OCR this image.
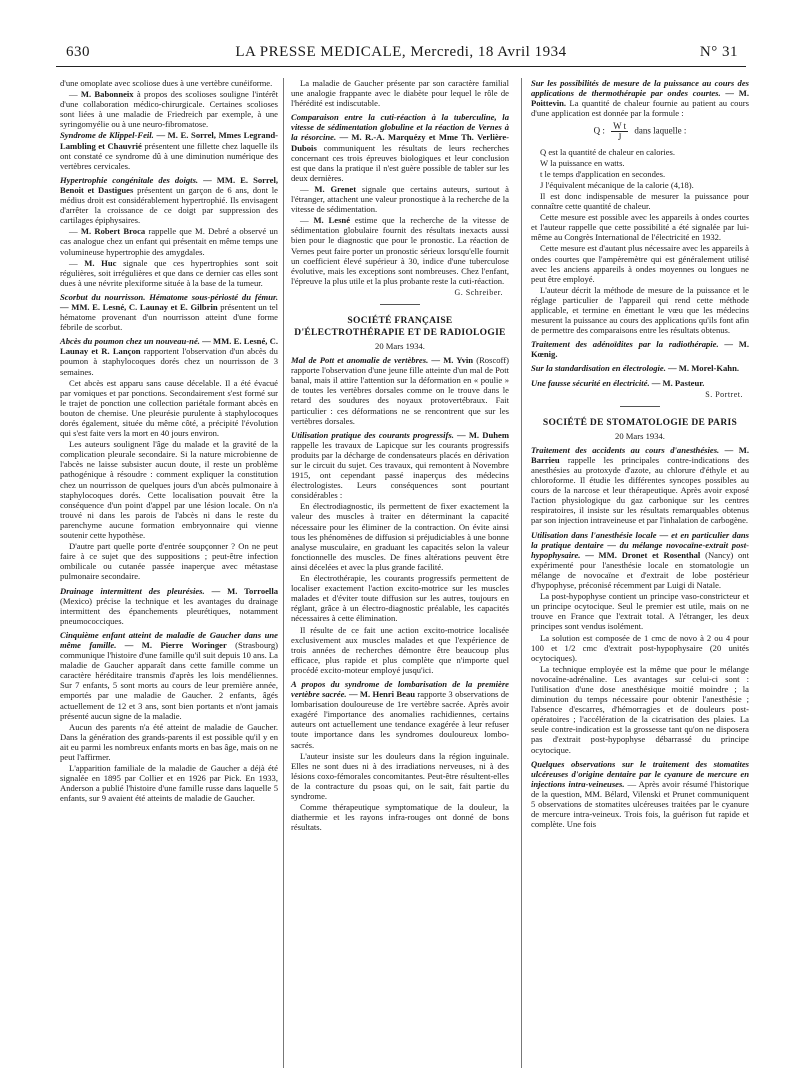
630	LA PRESSE MEDICALE, Mercredi, 18 Avril 1934	N° 31

d'une omoplate avec scoliose dues à une vertèbre cunéiforme.

— M. Babonneix à propos des scolioses souligne l'intérêt d'une collaboration médico-chirurgicale. Certaines scolioses sont liées à une maladie de Friedreich par exemple, à une syringomyélie ou à une neuro-fibromatose.

Syndrome de Klippel-Feil. — M. E. Sorrel, Mmes Legrand-Lambling et Chauvrié présentent une fillette chez laquelle ils ont constaté ce syndrome dû à une diminution numérique des vertèbres cervicales.

Hypertrophie congénitale des doigts. — MM. E. Sorrel, Benoit et Dastigues présentent un garçon de 6 ans, dont le médius droit est considérablement hypertrophié. Ils envisagent d'arrêter la croissance de ce doigt par suppression des cartilages épiphysaires.

— M. Robert Broca rappelle que M. Debré a observé un cas analogue chez un enfant qui présentait en même temps une volumineuse hypertrophie des amygdales.

— M. Huc signale que ces hypertrophies sont soit régulières, soit irrégulières et que dans ce dernier cas elles sont dues à une névrite plexiforme située à la base de la tumeur.

Scorbut du nourrisson. Hématome sous-périosté du fémur. — MM. E. Lesné, C. Launay et E. Gilbrin présentent un tel hématome provenant d'un nourrisson atteint d'une forme fébrile de scorbut.

Abcès du poumon chez un nouveau-né. — MM. E. Lesné, C. Launay et R. Lançon rapportent l'observation d'un abcès du poumon à staphylocoques dorés chez un nourrisson de 3 semaines.

Cet abcès est apparu sans cause décelable. Il a été évacué par vomiques et par ponctions. Secondairement s'est formé sur le trajet de ponction une collection pariétale formant abcès en bouton de chemise. Une pleurésie purulente à staphylocoques dorés également, située du même côté, a précipité l'évolution qui s'est faite vers la mort en 40 jours environ.

Les auteurs soulignent l'âge du malade et la gravité de la complication pleurale secondaire. Si la nature microbienne de l'abcès ne laisse subsister aucun doute, il reste un problème pathogénique à résoudre : comment expliquer la constitution chez un nourrisson de quelques jours d'un abcès pulmonaire à staphylocoques dorés. Cette localisation pouvait être la conséquence d'un point d'appel par une lésion locale. On n'a trouvé ni dans les parois de l'abcès ni dans le reste du parenchyme aucune formation embryonnaire qui vienne soutenir cette hypothèse.

D'autre part quelle porte d'entrée soupçonner ? On ne peut faire à ce sujet que des suppositions ; peut-être infection ombilicale ou cutanée passée inaperçue avec métastase pulmonaire secondaire.

Drainage intermittent des pleurésies. — M. Torroella (Mexico) précise la technique et les avantages du drainage intermittent des épanchements pleurétiques, notamment pneumococciques.

Cinquième enfant atteint de maladie de Gaucher dans une même famille. — M. Pierre Woringer (Strasbourg) communique l'histoire d'une famille qu'il suit depuis 10 ans. La maladie de Gaucher apparaît dans cette famille comme un caractère héréditaire transmis d'après les lois mendéliennes. Sur 7 enfants, 5 sont morts au cours de leur première année, emportés par une maladie de Gaucher. 2 enfants, âgés actuellement de 12 et 3 ans, sont bien portants et n'ont jamais présenté aucun signe de la maladie.

Aucun des parents n'a été atteint de maladie de Gaucher. Dans la génération des grands-parents il est possible qu'il y en ait eu parmi les nombreux enfants morts en bas âge, mais on ne peut l'affirmer.

L'apparition familiale de la maladie de Gaucher a déjà été signalée en 1895 par Collier et en 1926 par Pick. En 1933, Anderson a publié l'histoire d'une famille russe dans laquelle 5 enfants, sur 9 avaient été atteints de maladie de Gaucher.

La maladie de Gaucher présente par son caractère familial une analogie frappante avec le diabète pour lequel le rôle de l'hérédité est indiscutable.

Comparaison entre la cuti-réaction à la tuberculine, la vitesse de sédimentation globuline et la réaction de Vernes à la résorcine. — M. R.-A. Marquézy et Mme Th. Verlière-Dubois communiquent les résultats de leurs recherches concernant ces trois épreuves biologiques et leur conclusion est que dans la pratique il n'est guère possible de tabler sur les deux dernières.

— M. Grenet signale que certains auteurs, surtout à l'étranger, attachent une valeur pronostique à la recherche de la vitesse de sédimentation.

— M. Lesné estime que la recherche de la vitesse de sédimentation globulaire fournit des résultats inexacts aussi bien pour le diagnostic que pour le pronostic. La réaction de Vernes peut faire porter un pronostic sérieux lorsqu'elle fournit un coefficient élevé supérieur à 30, indice d'une tuberculose évolutive, mais les exceptions sont nombreuses. Chez l'enfant, l'épreuve la plus utile et la plus probante reste la cuti-réaction.

G. Schreiber.
SOCIÉTÉ FRANÇAISE D'ÉLECTROTHÉRAPIE ET DE RADIOLOGIE
20 Mars 1934.

Mal de Pott et anomalie de vertèbres. — M. Yvin (Roscoff) rapporte l'observation d'une jeune fille atteinte d'un mal de Pott banal, mais il attire l'attention sur la déformation en « poulie » de toutes les vertèbres dorsales comme on le trouve dans le retard des soudures des noyaux protovertébraux. Fait particulier : ces déformations ne se rencontrent que sur les vertèbres dorsales.

Utilisation pratique des courants progressifs. — M. Duhem rappelle les travaux de Lapicque sur les courants progressifs produits par la décharge de condensateurs placés en dérivation sur le circuit du sujet. Ces travaux, qui remontent à Novembre 1915, ont cependant passé inaperçus des médecins électrologistes. Leurs conséquences sont pourtant considérables :

En électrodiagnostic, ils permettent de fixer exactement la valeur des muscles à traiter en déterminant la capacité nécessaire pour les éliminer de la contraction. On évite ainsi tous les phénomènes de diffusion si préjudiciables à une bonne analyse musculaire, en graduant les capacités selon la valeur fonctionnelle des muscles. De fines altérations peuvent être ainsi décelées et avec la plus grande facilité.

En électrothérapie, les courants progressifs permettent de localiser exactement l'action excito-motrice sur les muscles malades et d'éviter toute diffusion sur les autres, toujours en réglant, grâce à un électro-diagnostic préalable, les capacités nécessaires à cette élimination.

Il résulte de ce fait une action excito-motrice localisée exclusivement aux muscles malades et que l'expérience de trois années de recherches démontre être beaucoup plus efficace, plus rapide et plus complète que n'importe quel procédé excito-moteur employé jusqu'ici.

A propos du syndrome de lombarisation de la première vertèbre sacrée. — M. Henri Beau rapporte 3 observations de lombarisation douloureuse de 1re vertèbre sacrée. Après avoir exagéré l'importance des anomalies rachidiennes, certains auteurs ont actuellement une tendance exagérée à leur refuser toute importance dans les syndromes douloureux lombo-sacrés.

L'auteur insiste sur les douleurs dans la région inguinale. Elles ne sont dues ni à des irradiations nerveuses, ni à des lésions coxo-fémorales concomitantes. Peut-être résultent-elles de la contracture du psoas qui, on le sait, fait partie du syndrome.

Comme thérapeutique symptomatique de la douleur, la diathermie et les rayons infra-rouges ont donné de bons résultats.

Sur les possibilités de mesure de la puissance au cours des applications de thermothérapie par ondes courtes. — M. Poittevin. La quantité de chaleur fournie au patient au cours d'une application est donnée par la formule :

Q : $\frac{\text{W t}}{J}$ dans laquelle :

Q est la quantité de chaleur en calories.

W la puissance en watts.

t le temps d'application en secondes.

J l'équivalent mécanique de la calorie (4,18).

Il est donc indispensable de mesurer la puissance pour connaître cette quantité de chaleur.

Cette mesure est possible avec les appareils à ondes courtes et l'auteur rappelle que cette possibilité a été signalée par lui-même au Congrès International de l'électricité en 1932.

Cette mesure est d'autant plus nécessaire avec les appareils à ondes courtes que l'ampèremètre qui est généralement utilisé avec les anciens appareils à ondes moyennes ou longues ne peut être employé.

L'auteur décrit la méthode de mesure de la puissance et le réglage particulier de l'appareil qui rend cette méthode applicable, et termine en émettant le vœu que les médecins mesurent la puissance au cours des applications qu'ils font afin de permettre des comparaisons entre les résultats obtenus.

Traitement des adénoïdites par la radiothérapie. — M. Kœnig.

Sur la standardisation en électrologie. — M. Morel-Kahn.

Une fausse sécurité en électricité. — M. Pasteur.

S. Portret.
SOCIÉTÉ DE STOMATOLOGIE DE PARIS
20 Mars 1934.

Traitement des accidents au cours d'anesthésies. — M. Barrieu rappelle les principales contre-indications des anesthésies au protoxyde d'azote, au chlorure d'éthyle et au chloroforme. Il étudie les différentes syncopes possibles au cours de la narcose et leur thérapeutique. Après avoir exposé l'action physiologique du gaz carbonique sur les centres respiratoires, il insiste sur les résultats remarquables obtenus par son injection intraveineuse et par l'inhalation de carbogène.

Utilisation dans l'anesthésie locale — et en particulier dans la pratique dentaire — du mélange novocaïne-extrait post-hypophysaire. — MM. Dronet et Rosenthal (Nancy) ont expérimenté pour l'anesthésie locale en stomatologie un mélange de novocaïne et d'extrait de lobe postérieur d'hypophyse, préconisé récemment par Luigi di Natale.

La post-hypophyse contient un principe vaso-constricteur et un principe ocytocique. Seul le premier est utile, mais on ne trouve en France que l'extrait total. A l'étranger, les deux principes sont vendus isolément.

La solution est composée de 1 cmc de novo à 2 ou 4 pour 100 et 1/2 cmc d'extrait post-hypophysaire (20 unités ocytociques).

La technique employée est la même que pour le mélange novocaïne-adrénaline. Les avantages sur celui-ci sont : l'utilisation d'une dose anesthésique moitié moindre ; la diminution du temps nécessaire pour obtenir l'anesthésie ; l'absence d'escarres, d'hémorragies et de douleurs post-opératoires ; l'accélération de la cicatrisation des plaies. La seule contre-indication est la grossesse tant qu'on ne disposera pas d'extrait post-hypophyse débarrassé du principe ocytocique.

Quelques observations sur le traitement des stomatites ulcéreuses d'origine dentaire par le cyanure de mercure en injections intra-veineuses. — Après avoir résumé l'historique de la question, MM. Bélard, Vilenski et Prunet communiquent 5 observations de stomatites ulcéreuses traitées par le cyanure de mercure intra-veineux. Trois fois, la guérison fut rapide et complète. Une fois
